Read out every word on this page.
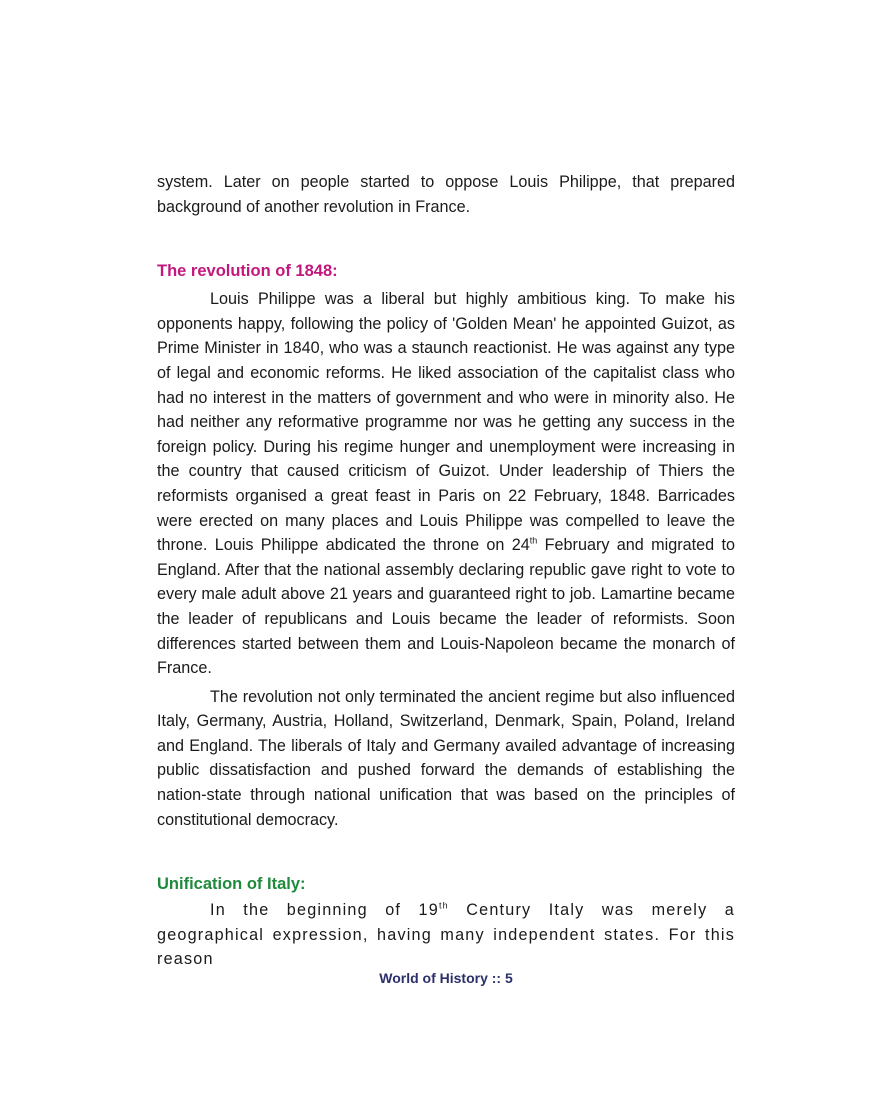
system. Later on people started to oppose Louis Philippe, that prepared background of another revolution in France.

The revolution of 1848:

Louis Philippe was a liberal but highly ambitious king. To make his opponents happy, following the policy of 'Golden Mean' he appointed Guizot, as Prime Minister in 1840, who was a staunch reactionist. He was against any type of legal and economic reforms. He liked association of the capitalist class who had no interest in the matters of government and who were in minority also. He had neither any reformative programme nor was he getting any success in the foreign policy. During his regime hunger and unemployment were increasing in the country that caused criticism of Guizot. Under leadership of Thiers the reformists organised a great feast in Paris on 22 February, 1848. Barricades were erected on many places and Louis Philippe was compelled to leave the throne. Louis Philippe abdicated the throne on 24th February and migrated to England. After that the national assembly declaring republic gave right to vote to every male adult above 21 years and guaranteed right to job. Lamartine became the leader of republicans and Louis became the leader of reformists. Soon differences started between them and Louis-Napoleon became the monarch of France.

The revolution not only terminated the ancient regime but also influenced Italy, Germany, Austria, Holland, Switzerland, Denmark, Spain, Poland, Ireland and England. The liberals of Italy and Germany availed advantage of increasing public dissatisfaction and pushed forward the demands of establishing the nation-state through national unification that was based on the principles of constitutional democracy.

Unification of Italy:

In the beginning of 19th Century Italy was merely a geographical expression, having many independent states. For this reason

World of History :: 5
